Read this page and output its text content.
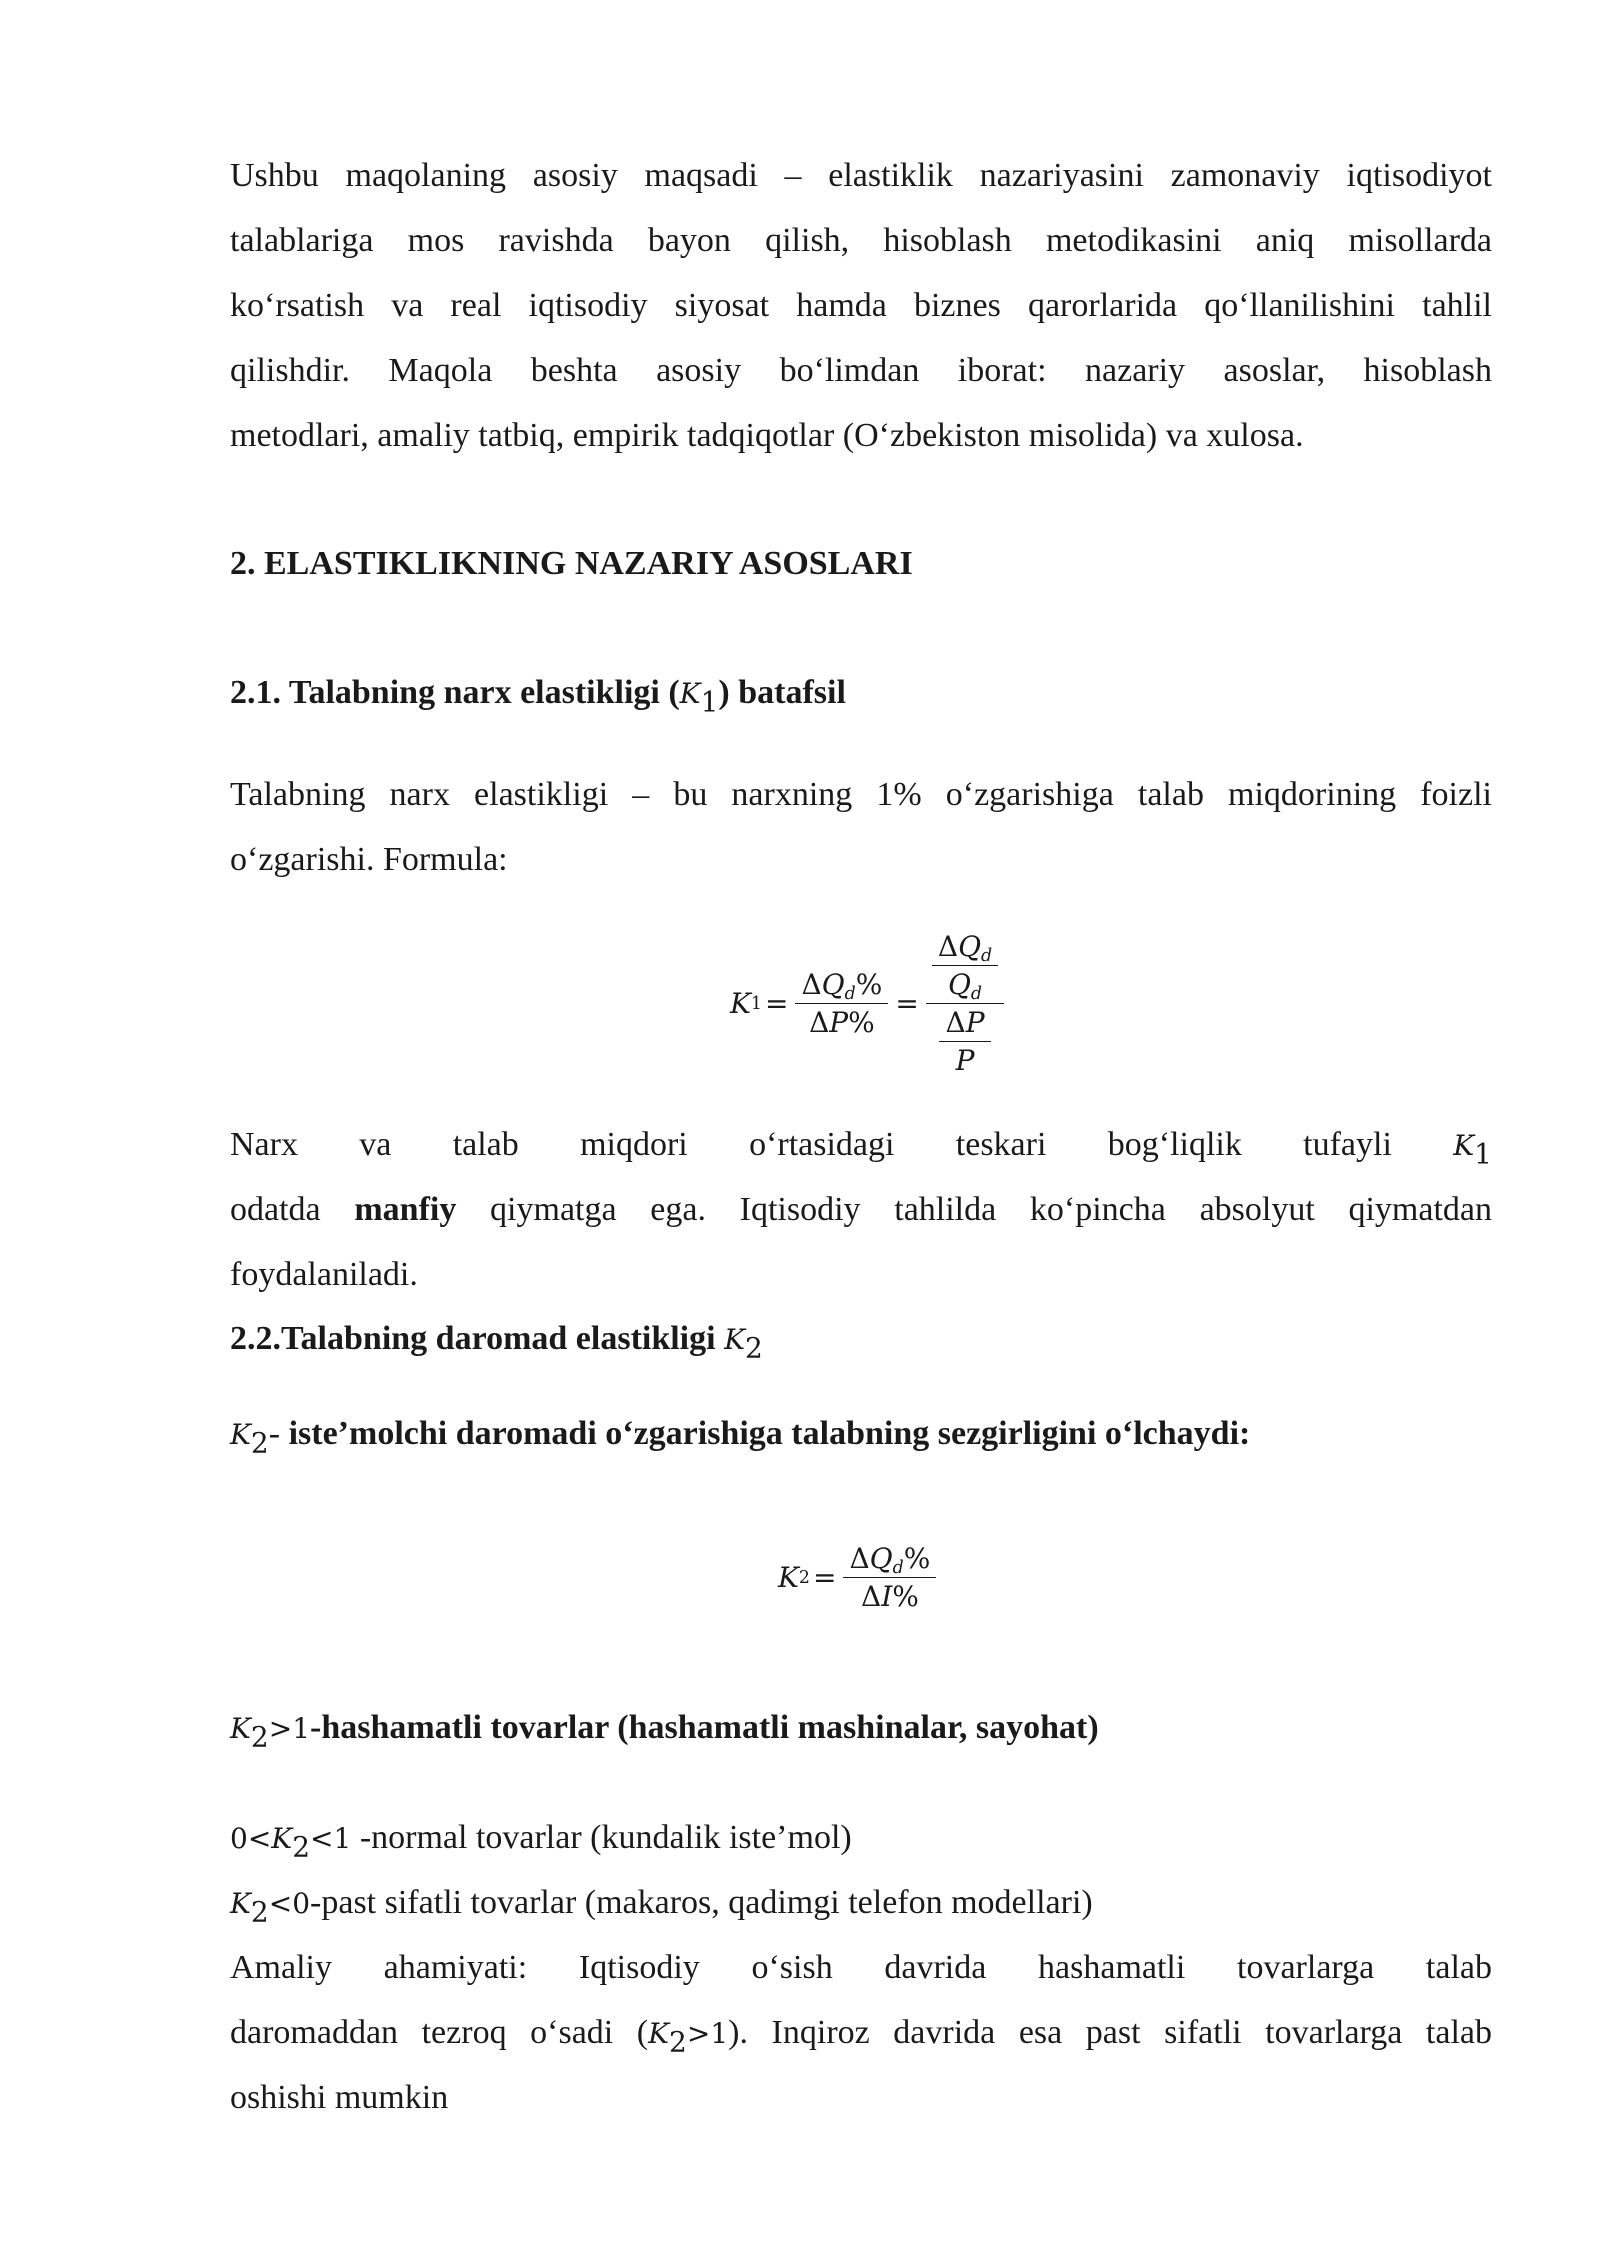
Ushbu maqolaning asosiy maqsadi – elastiklik nazariyasini zamonaviy iqtisodiyot

talablariga mos ravishda bayon qilish, hisoblash metodikasini aniq misollarda

ko‘rsatish va real iqtisodiy siyosat hamda biznes qarorlarida qo‘llanilishini tahlil

qilishdir. Maqola beshta asosiy bo‘limdan iborat: nazariy asoslar, hisoblash

metodlari, amaliy tatbiq, empirik tadqiqotlar (O‘zbekiston misolida) va xulosa.

2. ELASTIKLIKNING NAZARIY ASOSLARI
2.1. Talabning narx elastikligi $(K_1)$ batafsil

Talabning narx elastikligi – bu narxning 1% o‘zgarishiga talab miqdorining foizli

o‘zgarishi. Formula:

K $1 = \frac{\Delta Q_d\%}{\Delta P\%} = \frac{\frac{\Delta Q_d}{Q_d}}{\frac{\Delta P}{P}}$
Narx va talab miqdori o‘rtasidagi teskari bog‘liqlik tufayli $K_1$

odatda manfiy qiymatga ega. Iqtisodiy tahlilda ko‘pincha absolyut qiymatdan

foydalaniladi.

2.2.Talabning daromad elastikligi $K_2$

$K_2-$ iste’molchi daromadi o‘zgarishiga talabning sezgirligini o‘lchaydi:

K $2 = \frac{\Delta Q_d\%}{\Delta I\%}$

$K_2>1$-hashamatli tovarlar (hashamatli mashinalar, sayohat)

$0<K_2<1$ -normal tovarlar (kundalik iste’mol)

$K_2<0$-past sifatli tovarlar (makaros, qadimgi telefon modellari)

Amaliy ahamiyati: Iqtisodiy o‘sish davrida hashamatli tovarlarga talab

daromaddan tezroq o‘sadi $(K_2>1)$. Inqiroz davrida esa past sifatli tovarlarga talab

oshishi mumkin
